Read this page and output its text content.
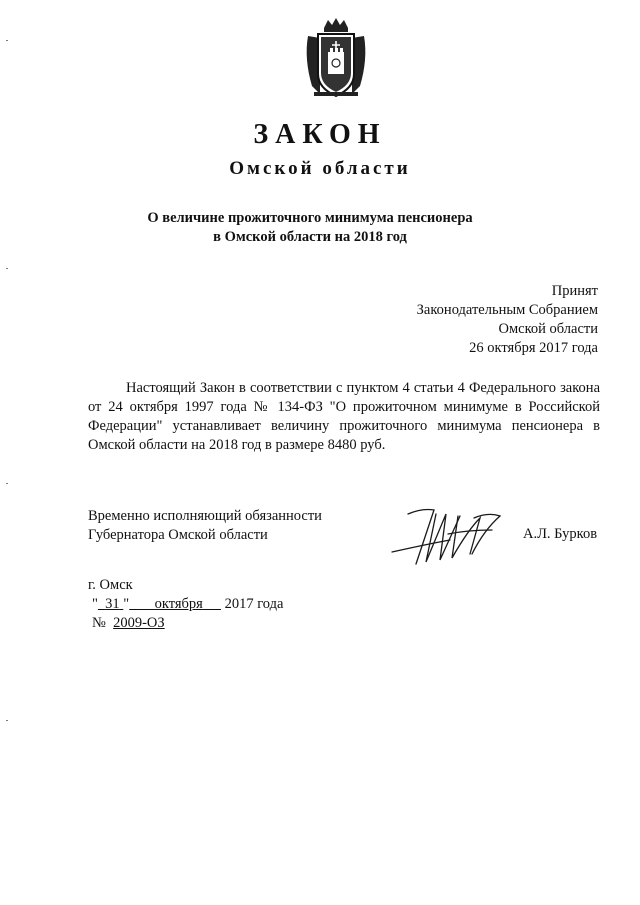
ЗАКОН
Омской области
О величине прожиточного минимума пенсионера
в Омской области на 2018 год
Принят
Законодательным Собранием
Омской области
26 октября 2017 года
Настоящий Закон в соответствии с пунктом 4 статьи 4 Федерального закона от 24 октября 1997 года № 134-ФЗ "О прожиточном минимуме в Российской Федерации" устанавливает величину прожиточного минимума пенсионера в Омской области на 2018 год в размере 8480 руб.
Временно исполняющий обязанности
Губернатора Омской области	А.Л. Бурков
г. Омск
" 31 " октября 2017 года
№ 2009-ОЗ
